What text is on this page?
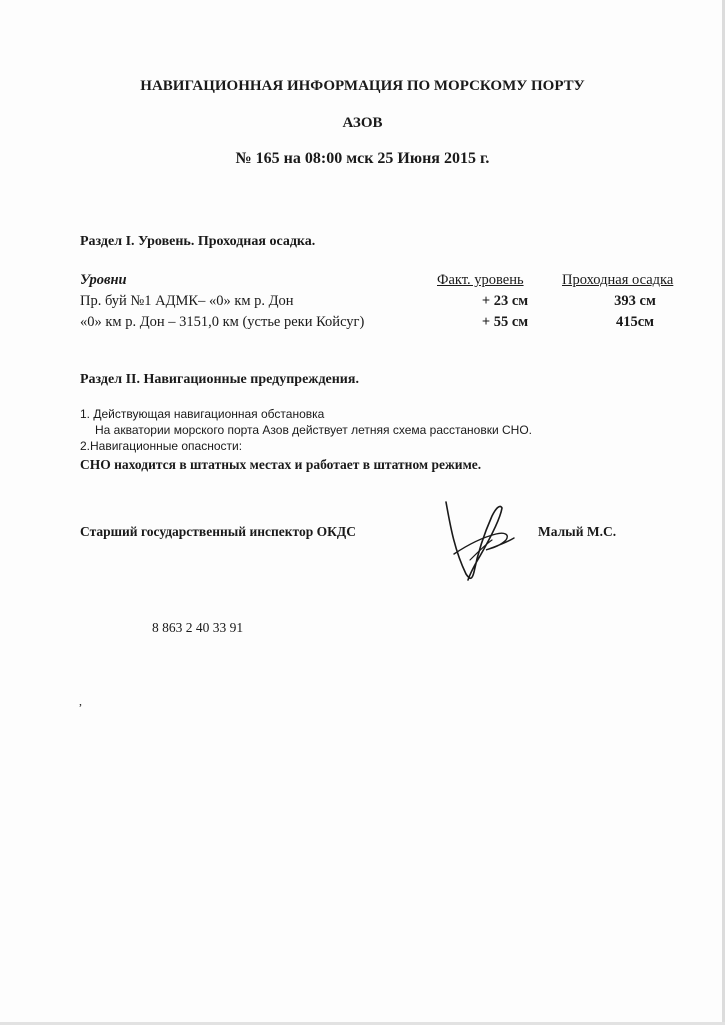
НАВИГАЦИОННАЯ ИНФОРМАЦИЯ ПО МОРСКОМУ ПОРТУ
АЗОВ
№ 165 на 08:00 мск 25 Июня 2015 г.
Раздел I. Уровень. Проходная осадка.
Уровни	Факт. уровень	Проходная осадка
Пр. буй №1 АДМК– «0» км р. Дон	+ 23 см	393 см
«0» км р. Дон – 3151,0 км (устье реки Койсуг)	+ 55 см	415см
Раздел II. Навигационные предупреждения.
1. Действующая навигационная обстановка
На акватории морского порта Азов действует летняя схема расстановки СНО.
2.Навигационные опасности:
СНО находится в штатных местах и работает в штатном режиме.
Старший государственный инспектор ОКДС	Малый М.С.
8 863 2 40 33 91
,
